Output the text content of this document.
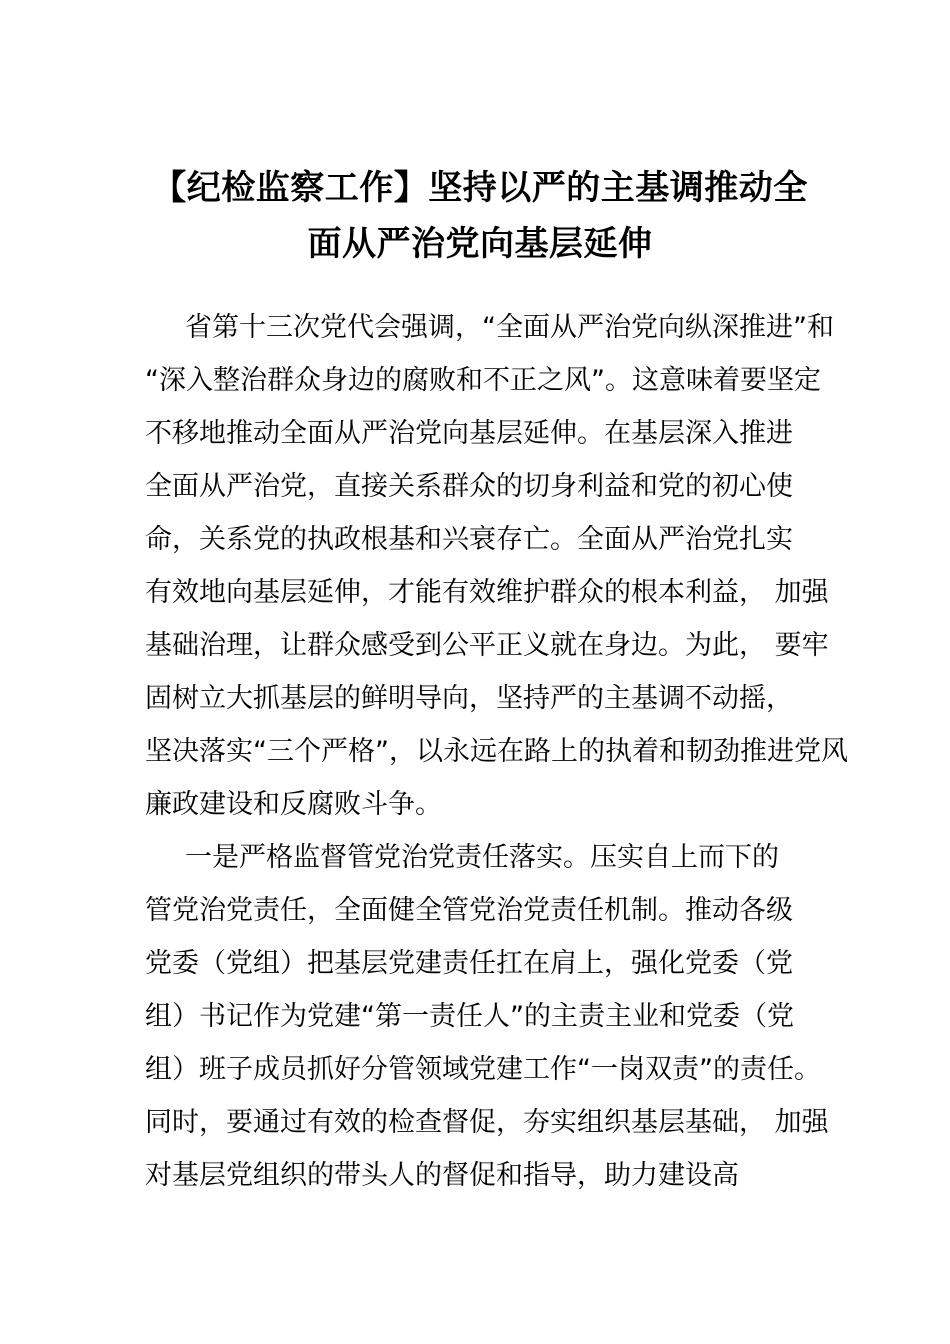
【纪检监察工作】坚持以严的主基调推动全
面从严治党向基层延伸
省第十三次党代会强调，“全面从严治党向纵深推进”和
“深入整治群众身边的腐败和不正之风”。这意味着要坚定
不移地推动全面从严治党向基层延伸。在基层深入推进
全面从严治党，直接关系群众的切身利益和党的初心使
命，关系党的执政根基和兴衰存亡。全面从严治党扎实
有效地向基层延伸，才能有效维护群众的根本利益， 加强
基础治理，让群众感受到公平正义就在身边。为此， 要牢
固树立大抓基层的鲜明导向，坚持严的主基调不动摇，
坚决落实“三个严格”，以永远在路上的执着和韧劲推进党风
廉政建设和反腐败斗争。
一是严格监督管党治党责任落实。压实自上而下的
管党治党责任，全面健全管党治党责任机制。推动各级
党委（党组）把基层党建责任扛在肩上，强化党委（党
组）书记作为党建“第一责任人”的主责主业和党委（党
组）班子成员抓好分管领域党建工作“一岗双责”的责任。
同时，要通过有效的检查督促，夯实组织基层基础， 加强
对基层党组织的带头人的督促和指导，助力建设高
